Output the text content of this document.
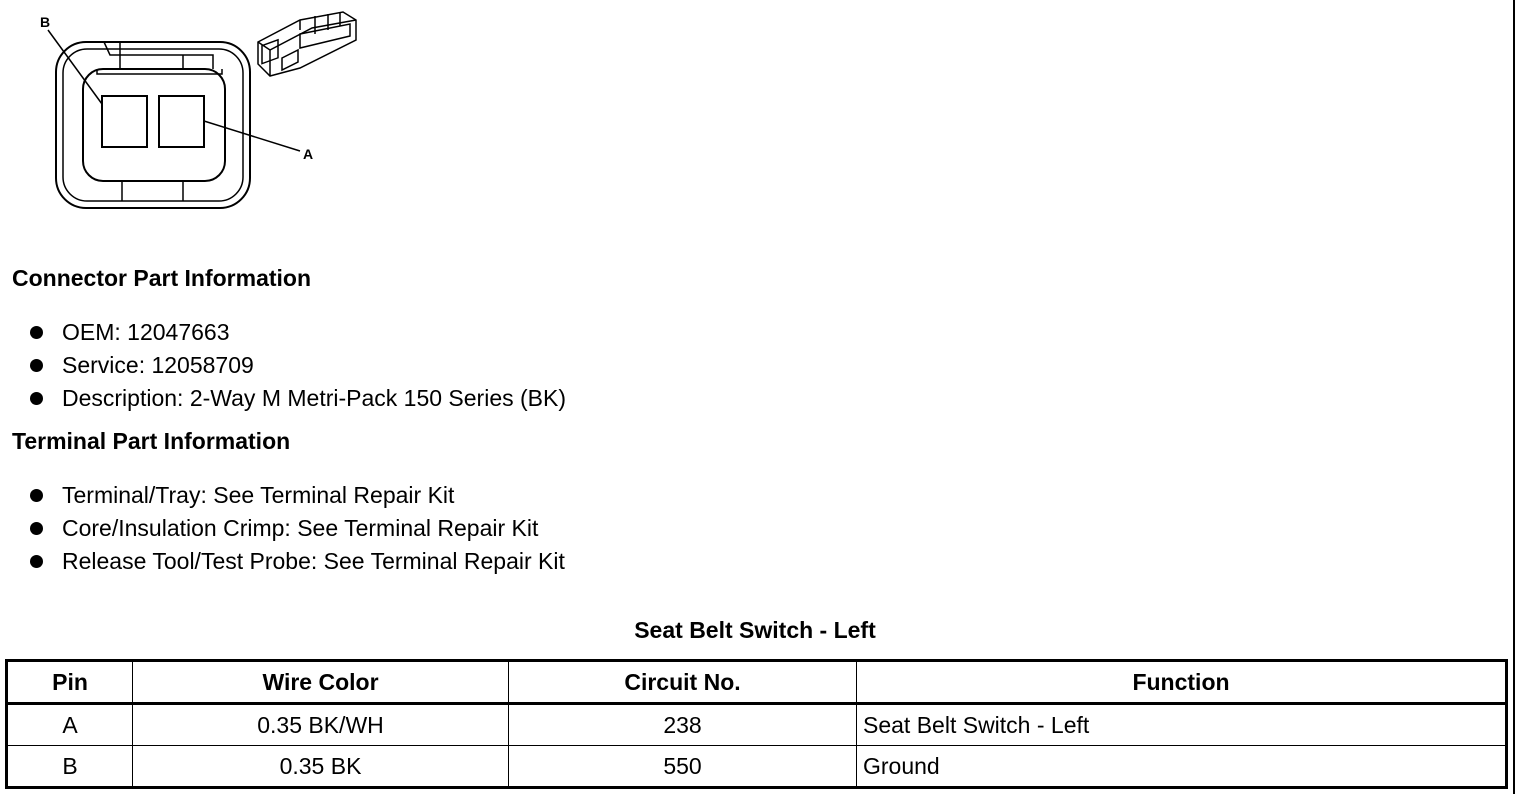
B
A
Connector Part Information
OEM: 12047663
Service: 12058709
Description: 2-Way M Metri-Pack 150 Series (BK)
Terminal Part Information
Terminal/Tray: See Terminal Repair Kit
Core/Insulation Crimp: See Terminal Repair Kit
Release Tool/Test Probe: See Terminal Repair Kit
Seat Belt Switch - Left
Pin	Wire Color	Circuit No.	Function
A	0.35 BK/WH	238	Seat Belt Switch - Left
B	0.35 BK	550	Ground
